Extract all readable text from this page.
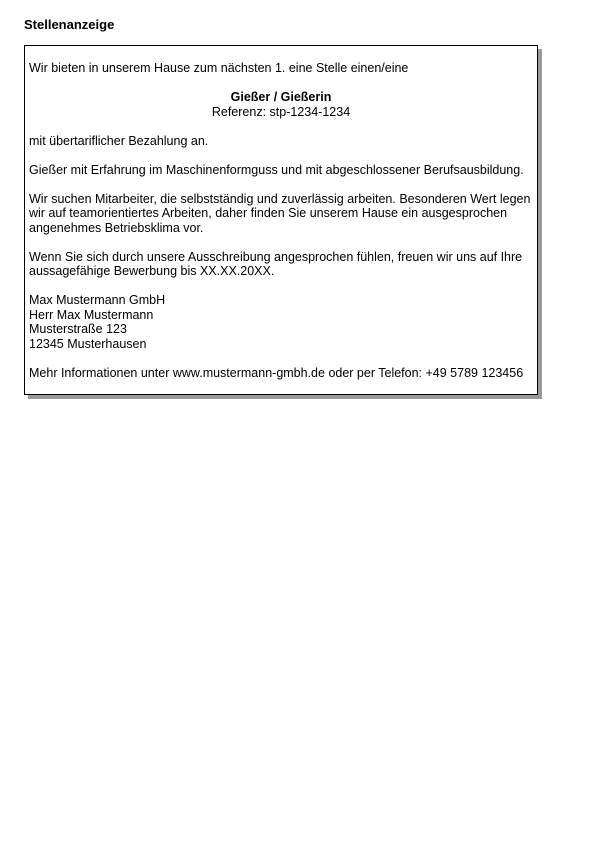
Stellenanzeige

Wir bieten in unserem Hause zum nächsten 1. eine Stelle einen/eine

Gießer / Gießerin
Referenz: stp-1234-1234

mit übertariflicher Bezahlung an.

Gießer mit Erfahrung im Maschinenformguss und mit abgeschlossener Berufsausbildung.

Wir suchen Mitarbeiter, die selbstständig und zuverlässig arbeiten. Besonderen Wert legen
wir auf teamorientiertes Arbeiten, daher finden Sie unserem Hause ein ausgesprochen
angenehmes Betriebsklima vor.

Wenn Sie sich durch unsere Ausschreibung angesprochen fühlen, freuen wir uns auf Ihre
aussagefähige Bewerbung bis XX.XX.20XX.

Max Mustermann GmbH
Herr Max Mustermann
Musterstraße 123
12345 Musterhausen

Mehr Informationen unter www.mustermann-gmbh.de oder per Telefon: +49 5789 123456
